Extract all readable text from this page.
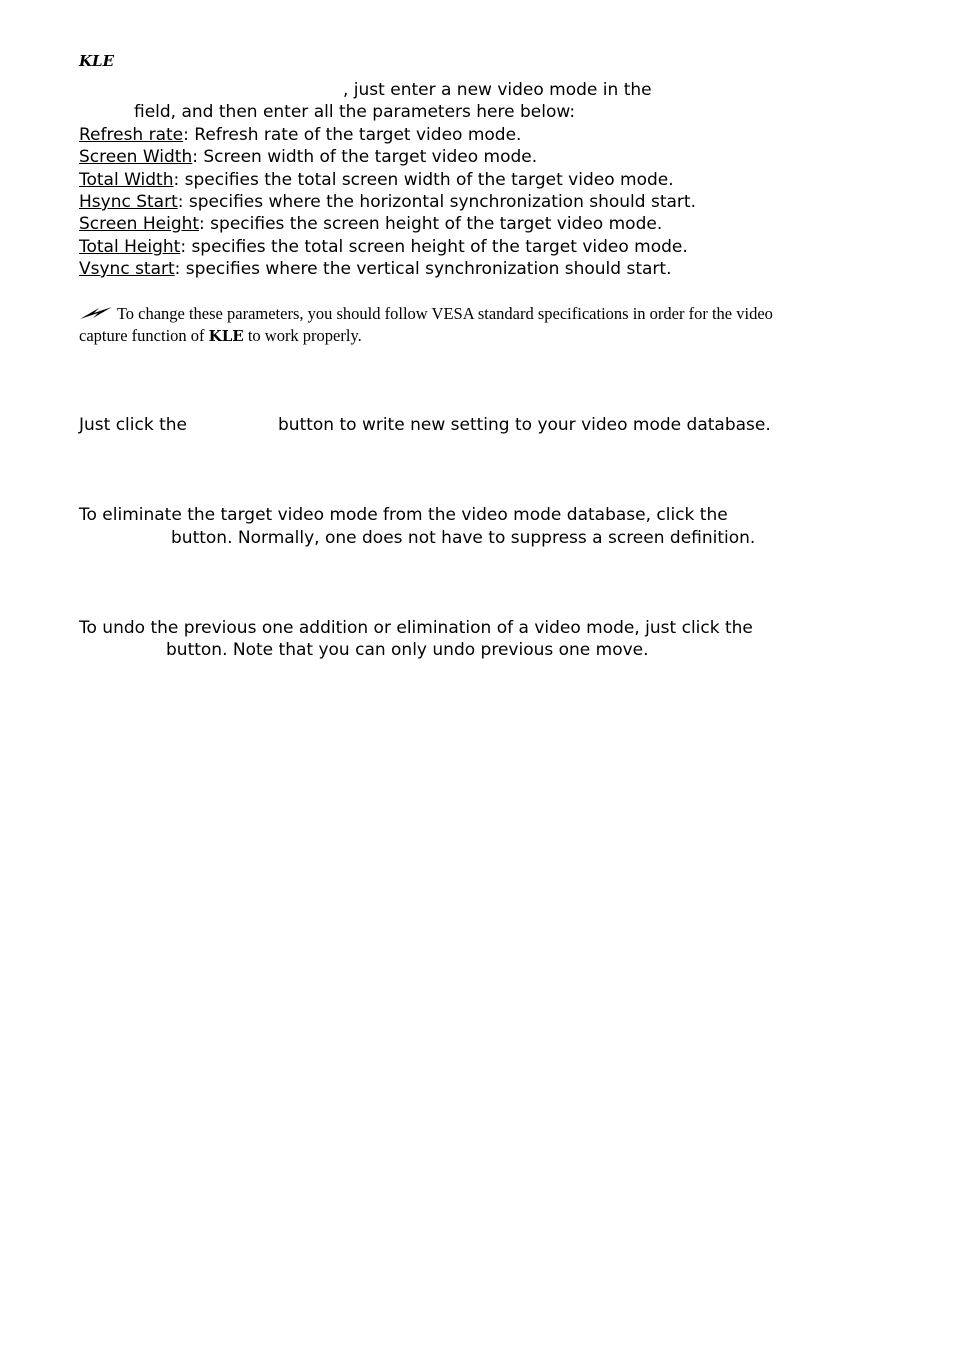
KLE
, just enter a new video mode in the
field, and then enter all the parameters here below:
Refresh rate: Refresh rate of the target video mode.
Screen Width: Screen width of the target video mode.
Total Width: specifies the total screen width of the target video mode.
Hsync Start: specifies where the horizontal synchronization should start.
Screen Height: specifies the screen height of the target video mode.
Total Height: specifies the total screen height of the target video mode.
Vsync start: specifies where the vertical synchronization should start.
To change these parameters, you should follow VESA standard specifications in order for the video
capture function of KLE to work properly.
Just click the	button to write new setting to your video mode database.
To eliminate the target video mode from the video mode database, click the
button. Normally, one does not have to suppress a screen definition.
To undo the previous one addition or elimination of a video mode, just click the
button. Note that you can only undo previous one move.
